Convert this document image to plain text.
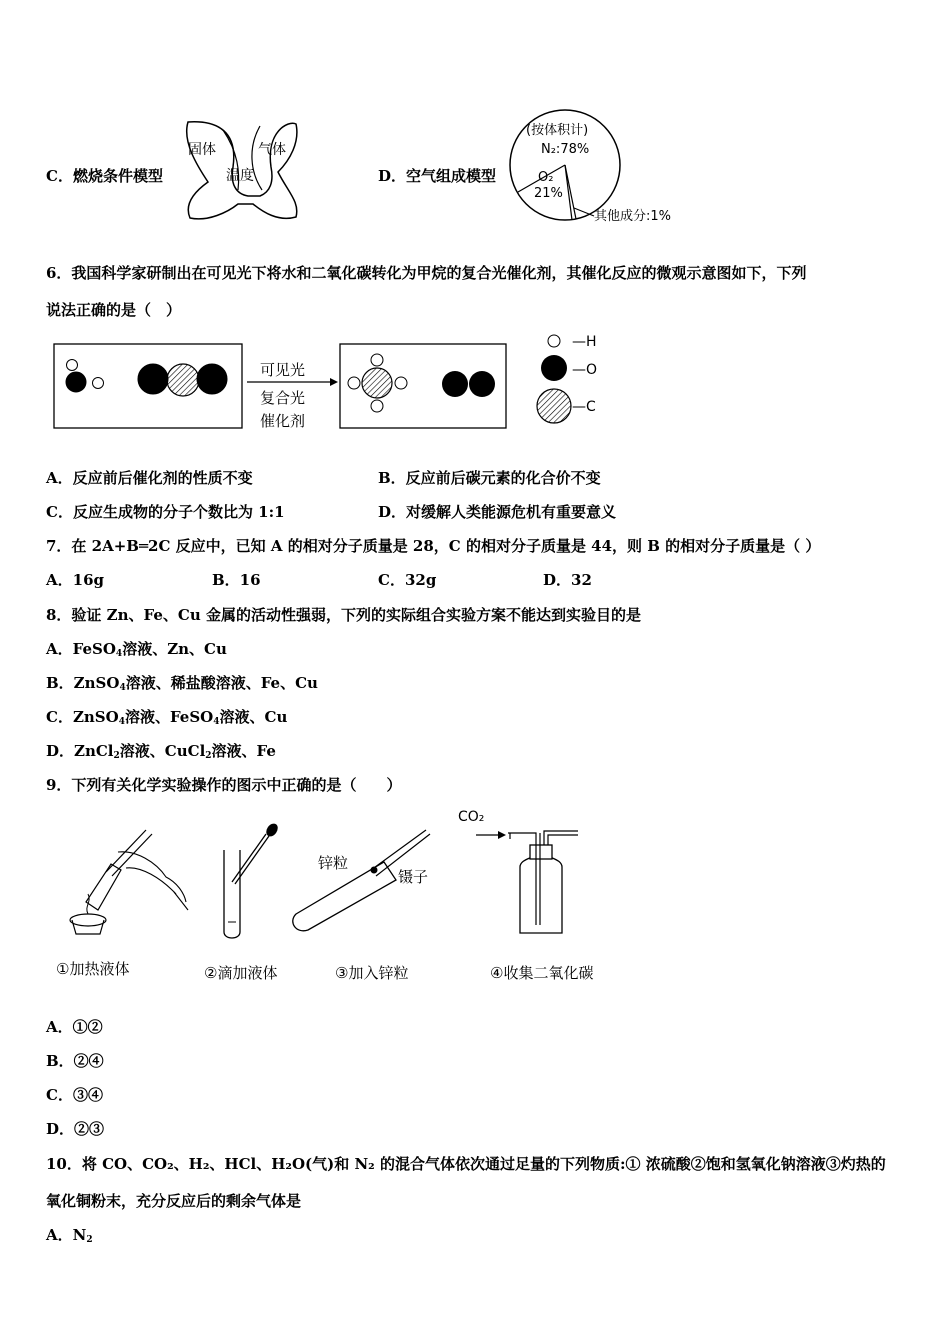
C．燃烧条件模型
固体	气体
温度	D．空气组成模型
(按体积计)
N₂:78%
O₂
21%
其他成分:1%
6．我国科学家研制出在可见光下将水和二氧化碳转化为甲烷的复合光催化剂，其催化反应的微观示意图如下，下列
说法正确的是（　）
可见光
复合光
催化剂
—H
—O
—C
A．反应前后催化剂的性质不变	B．反应前后碳元素的化合价不变
C．反应生成物的分子个数比为 1:1	D．对缓解人类能源危机有重要意义
7．在 2A+B═2C 反应中，已知 A 的相对分子质量是 28，C 的相对分子质量是 44，则 B 的相对分子质量是（ ）
A．16g	B．16	C．32g	D．32
8．验证 Zn、Fe、Cu 金属的活动性强弱，下列的实际组合实验方案不能达到实验目的是
A．FeSO$_4$溶液、Zn、Cu
B．ZnSO$_4$溶液、稀盐酸溶液、Fe、Cu
C．ZnSO$_4$溶液、FeSO$_4$溶液、Cu
D．ZnCl$_2$溶液、CuCl$_2$溶液、Fe
9．下列有关化学实验操作的图示中正确的是（　　）
锌粒
镊子
CO₂
①加热液体	②滴加液体	③加入锌粒	④收集二氧化碳
A．①②
B．②④
C．③④
D．②③
10．将 CO、CO₂、H₂、HCl、H₂O(气)和 N₂ 的混合气体依次通过足量的下列物质:① 浓硫酸②饱和氢氧化钠溶液③灼热的
氧化铜粉末，充分反应后的剩余气体是
A．$N_2$
